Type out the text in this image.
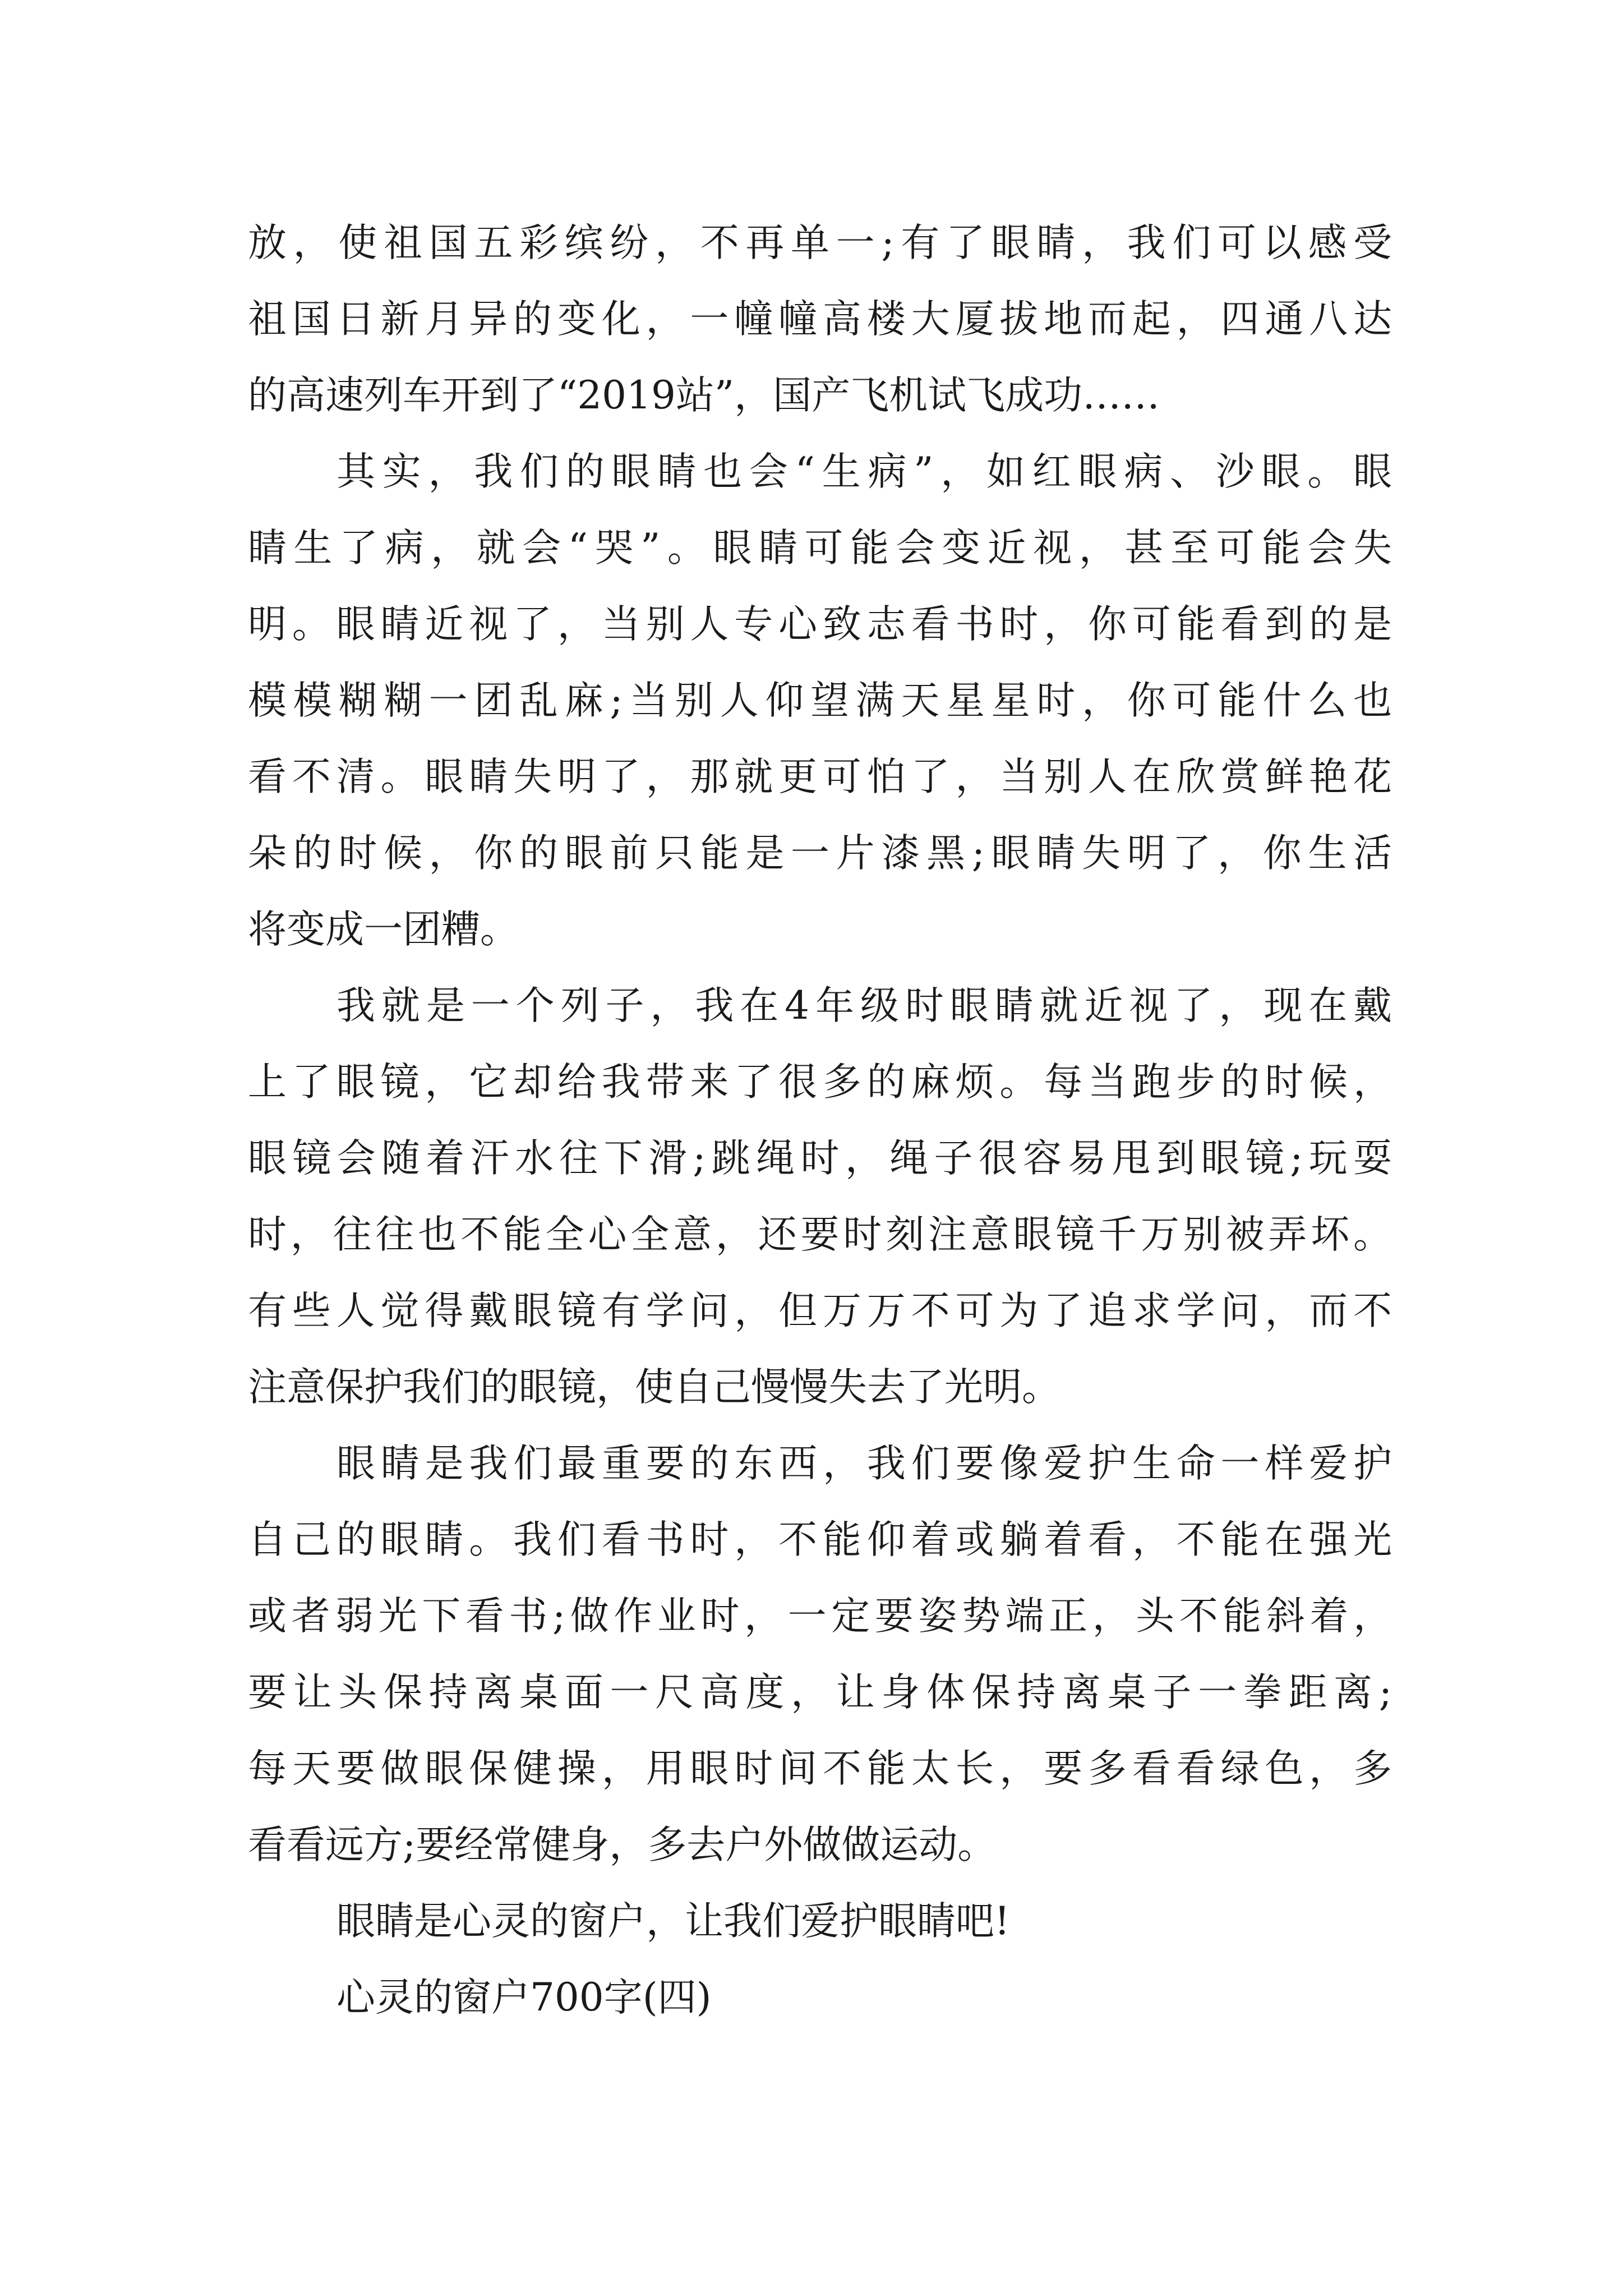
放，使祖国五彩缤纷，不再单一;有了眼睛，我们可以感受
祖国日新月异的变化，一幢幢高楼大厦拔地而起，四通八达
的高速列车开到了“2019站”，国产飞机试飞成功……
其实，我们的眼睛也会“生病”，如红眼病、沙眼。眼
睛生了病，就会“哭”。眼睛可能会变近视，甚至可能会失
明。眼睛近视了，当别人专心致志看书时，你可能看到的是
模模糊糊一团乱麻;当别人仰望满天星星时，你可能什么也
看不清。眼睛失明了，那就更可怕了，当别人在欣赏鲜艳花
朵的时候，你的眼前只能是一片漆黑;眼睛失明了，你生活
将变成一团糟。
我就是一个列子，我在4年级时眼睛就近视了，现在戴
上了眼镜，它却给我带来了很多的麻烦。每当跑步的时候，
眼镜会随着汗水往下滑;跳绳时，绳子很容易甩到眼镜;玩耍
时，往往也不能全心全意，还要时刻注意眼镜千万别被弄坏。
有些人觉得戴眼镜有学问，但万万不可为了追求学问，而不
注意保护我们的眼镜，使自己慢慢失去了光明。
眼睛是我们最重要的东西，我们要像爱护生命一样爱护
自己的眼睛。我们看书时，不能仰着或躺着看，不能在强光
或者弱光下看书;做作业时，一定要姿势端正，头不能斜着，
要让头保持离桌面一尺高度，让身体保持离桌子一拳距离;
每天要做眼保健操，用眼时间不能太长，要多看看绿色，多
看看远方;要经常健身，多去户外做做运动。
眼睛是心灵的窗户，让我们爱护眼睛吧!
心灵的窗户700字(四)
